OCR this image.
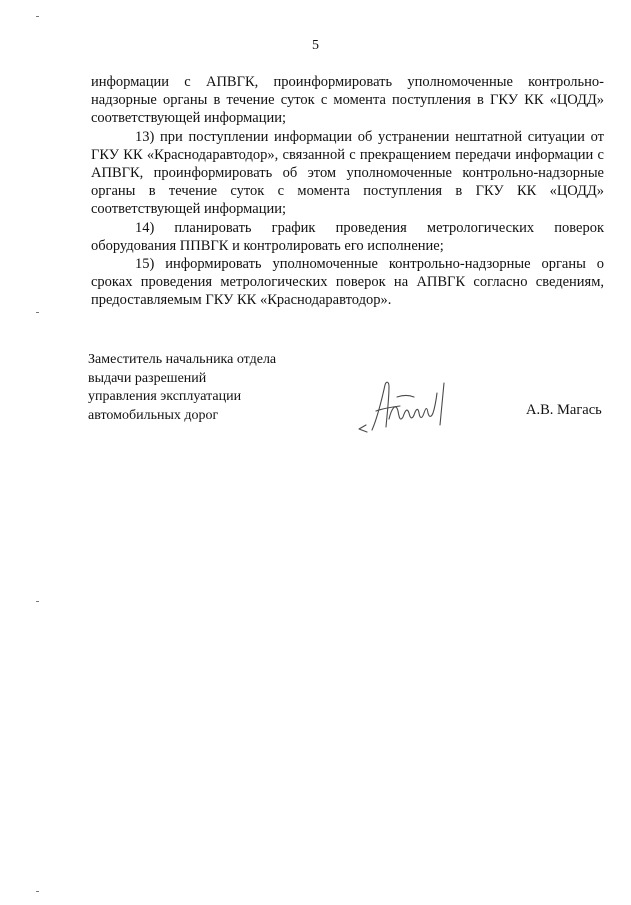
5

информации с АПВГК, проинформировать уполномоченные контрольно-надзорные органы в течение суток с момента поступления в ГКУ КК «ЦОДД» соответствующей информации;

13) при поступлении информации об устранении нештатной ситуации от ГКУ КК «Краснодаравтодор», связанной с прекращением передачи информации с АПВГК, проинформировать об этом уполномоченные контрольно-надзорные органы в течение суток с момента поступления в ГКУ КК «ЦОДД» соответствующей информации;

14) планировать график проведения метрологических поверок оборудования ППВГК и контролировать его исполнение;

15) информировать уполномоченные контрольно-надзорные органы о сроках проведения метрологических поверок на АПВГК согласно сведениям, предоставляемым ГКУ КК «Краснодаравтодор».

Заместитель начальника отдела
выдачи разрешений
управления эксплуатации
автомобильных дорог	А.В. Магась
